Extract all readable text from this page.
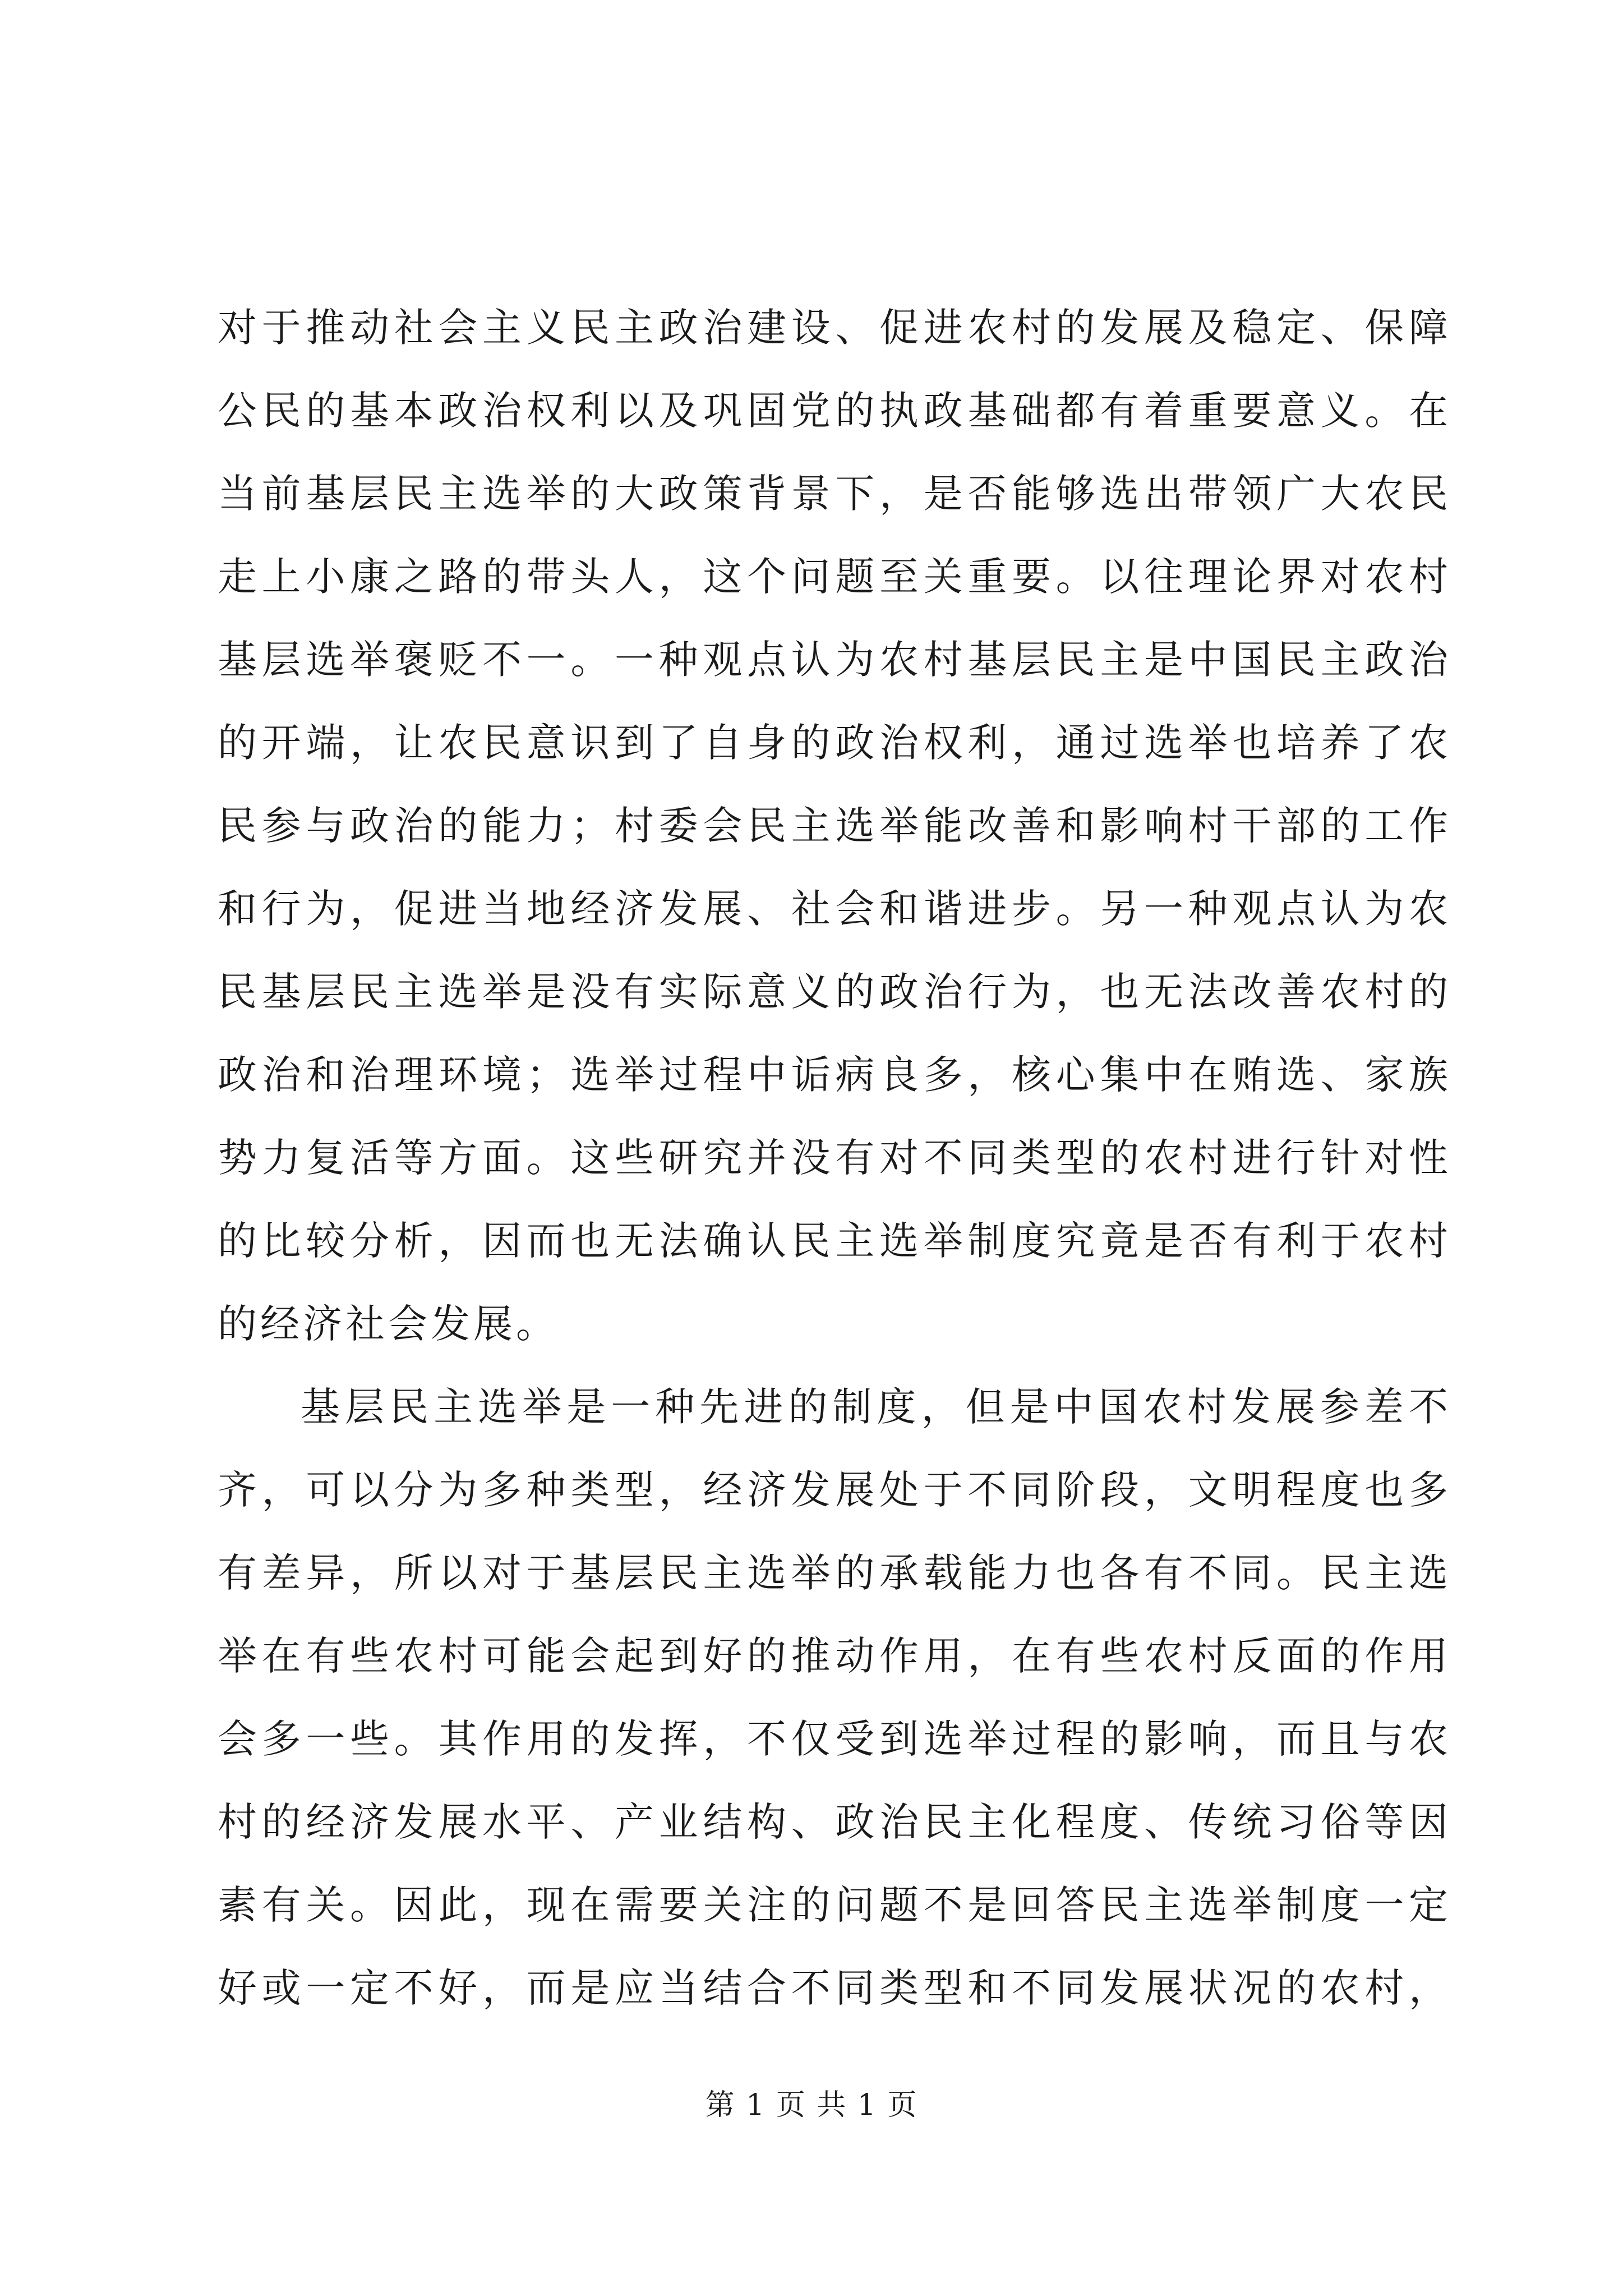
对于推动社会主义民主政治建设、促进农村的发展及稳定、保障
公民的基本政治权利以及巩固党的执政基础都有着重要意义。在
当前基层民主选举的大政策背景下，是否能够选出带领广大农民
走上小康之路的带头人，这个问题至关重要。以往理论界对农村
基层选举褒贬不一。一种观点认为农村基层民主是中国民主政治
的开端，让农民意识到了自身的政治权利，通过选举也培养了农
民参与政治的能力；村委会民主选举能改善和影响村干部的工作
和行为，促进当地经济发展、社会和谐进步。另一种观点认为农
民基层民主选举是没有实际意义的政治行为，也无法改善农村的
政治和治理环境；选举过程中诟病良多，核心集中在贿选、家族
势力复活等方面。这些研究并没有对不同类型的农村进行针对性
的比较分析，因而也无法确认民主选举制度究竟是否有利于农村
的经济社会发展。
基层民主选举是一种先进的制度，但是中国农村发展参差不
齐，可以分为多种类型，经济发展处于不同阶段，文明程度也多
有差异，所以对于基层民主选举的承载能力也各有不同。民主选
举在有些农村可能会起到好的推动作用，在有些农村反面的作用
会多一些。其作用的发挥，不仅受到选举过程的影响，而且与农
村的经济发展水平、产业结构、政治民主化程度、传统习俗等因
素有关。因此，现在需要关注的问题不是回答民主选举制度一定
好或一定不好，而是应当结合不同类型和不同发展状况的农村，
第 1 页 共 1 页
